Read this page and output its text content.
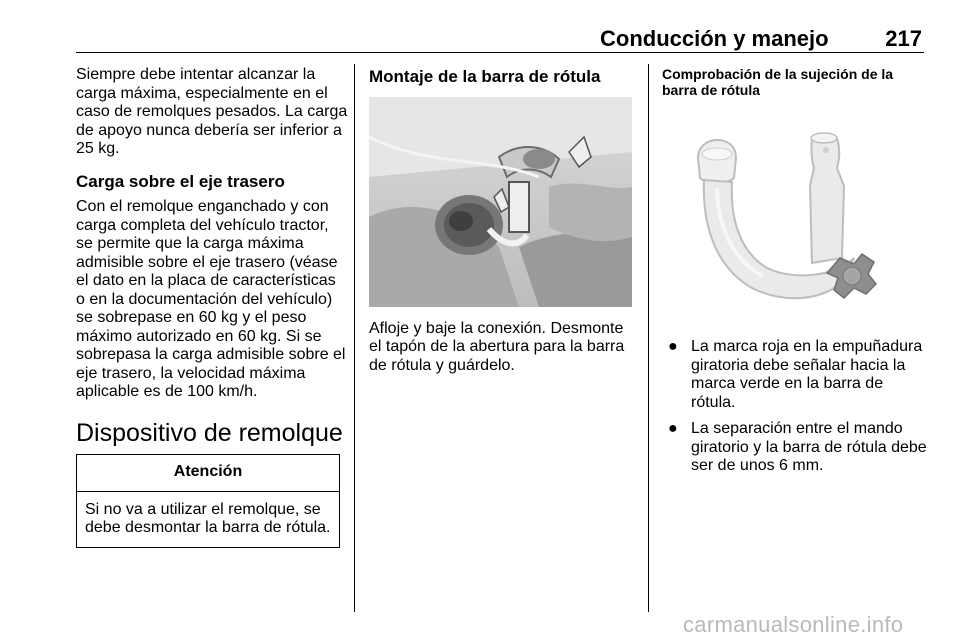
Conducción y manejo	217

Siempre debe intentar alcanzar la carga máxima, especialmente en el caso de remolques pesados. La carga de apoyo nunca debería ser inferior a 25 kg.

Carga sobre el eje trasero

Con el remolque enganchado y con carga completa del vehículo tractor, se permite que la carga máxima admisible sobre el eje trasero (véase el dato en la placa de características o en la documentación del vehículo) se sobrepase en 60 kg y el peso máximo autorizado en 60 kg. Si se sobrepasa la carga admisible sobre el eje trasero, la velocidad máxima aplicable es de 100 km/h.

Dispositivo de remolque
Atención
Si no va a utilizar el remolque, se debe desmontar la barra de rótula.
Montaje de la barra de rótula

Afloje y baje la conexión. Desmonte el tapón de la abertura para la barra de rótula y guárdelo.

Comprobación de la sujeción de la barra de rótula
● La marca roja en la empuñadura giratoria debe señalar hacia la marca verde en la barra de rótula.
● La separación entre el mando giratorio y la barra de rótula debe ser de unos 6 mm.
carmanualsonline.info
